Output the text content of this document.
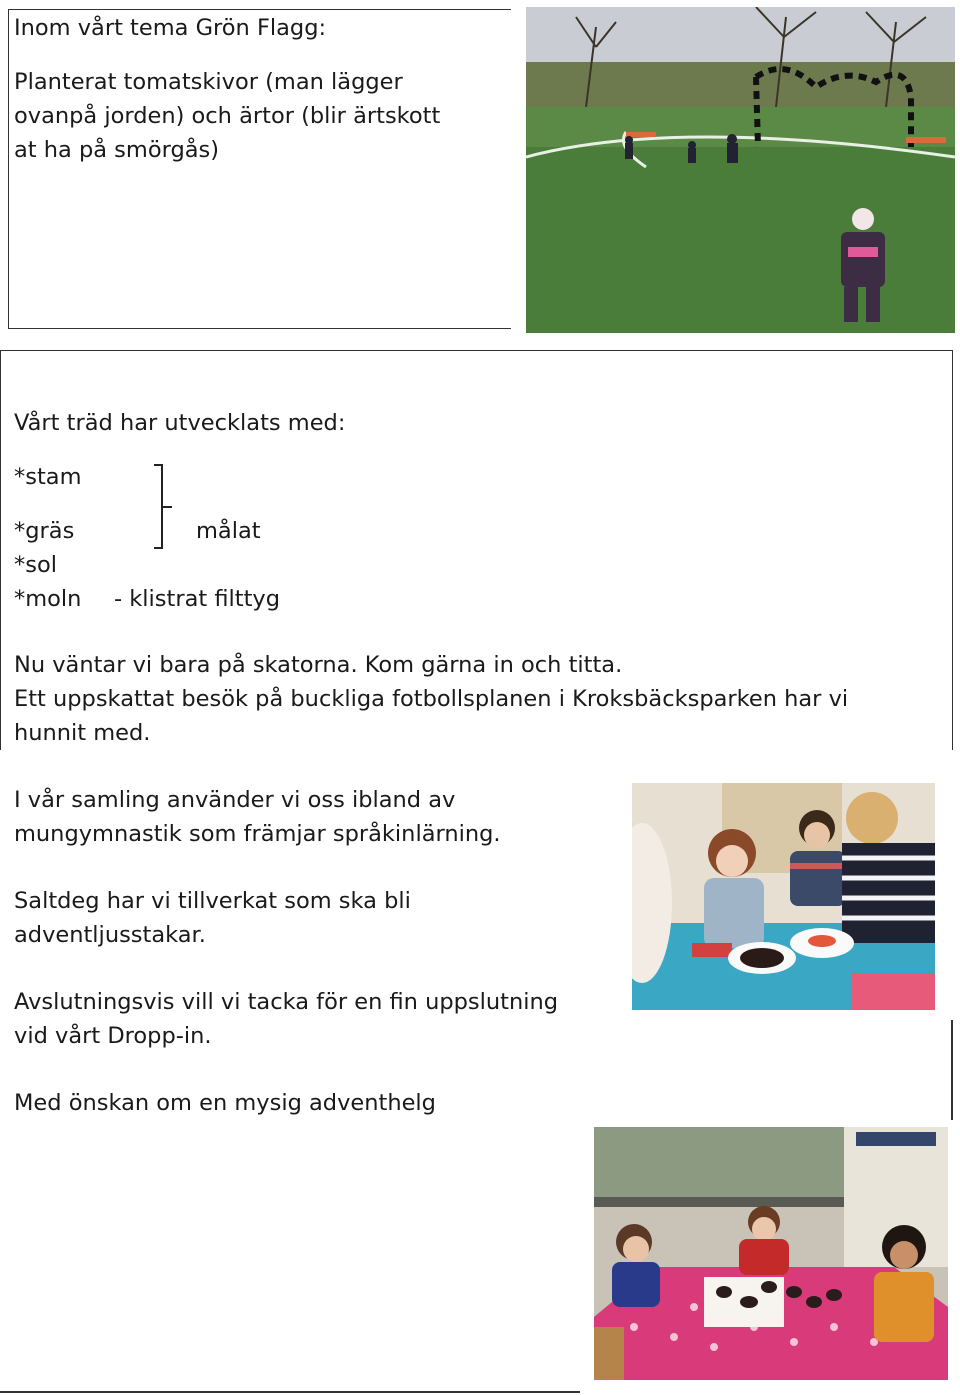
Inom vårt tema Grön Flagg:

Planterat tomatskivor (man lägger

ovanpå jorden) och ärtor (blir ärtskott

at ha på smörgås)

Vårt träd har utvecklats med:

*stam

*gräs

*sol

*moln

målat

- klistrat filttyg

Nu väntar vi bara på skatorna. Kom gärna in och titta.

Ett uppskattat besök på buckliga fotbollsplanen i Kroksbäcksparken har vi

hunnit med.

I vår samling använder vi oss ibland av

mungymnastik som främjar språkinlärning.

Saltdeg har vi tillverkat som ska bli

adventljusstakar.

Avslutningsvis vill vi tacka för en fin uppslutning

vid vårt Dropp-in.

Med önskan om en mysig adventhelg
